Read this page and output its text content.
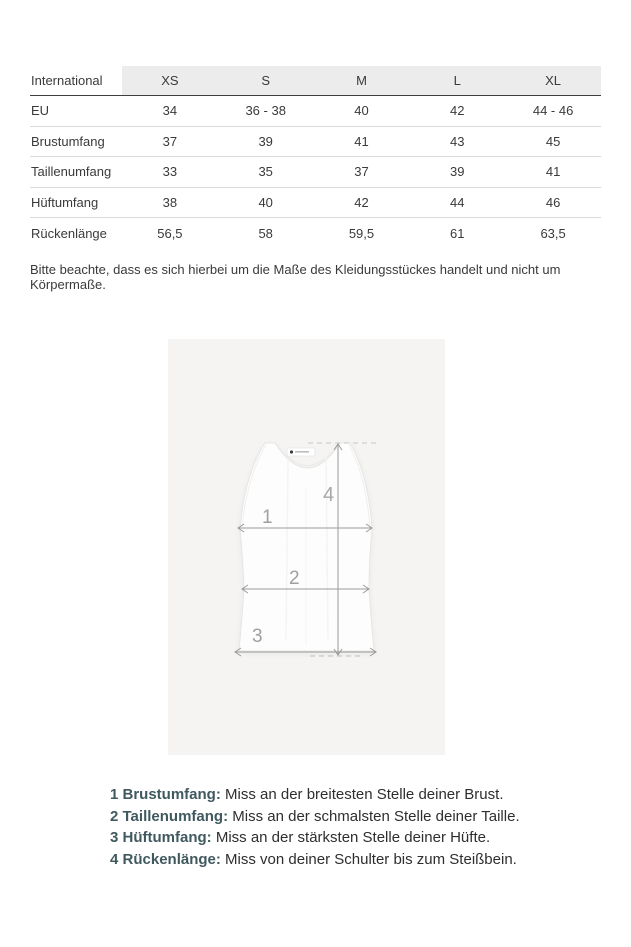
International	XS	S	M	L	XL
EU	34	36 - 38	40	42	44 - 46
Brustumfang	37	39	41	43	45
Taillenumfang	33	35	37	39	41
Hüftumfang	38	40	42	44	46
Rückenlänge	56,5	58	59,5	61	63,5

Bitte beachte, dass es sich hierbei um die Maße des Kleidungsstückes handelt und nicht um Körpermaße.

1
2
3
4
1 Brustumfang: Miss an der breitesten Stelle deiner Brust.
2 Taillenumfang: Miss an der schmalsten Stelle deiner Taille.
3 Hüftumfang: Miss an der stärksten Stelle deiner Hüfte.
4 Rückenlänge: Miss von deiner Schulter bis zum Steißbein.
